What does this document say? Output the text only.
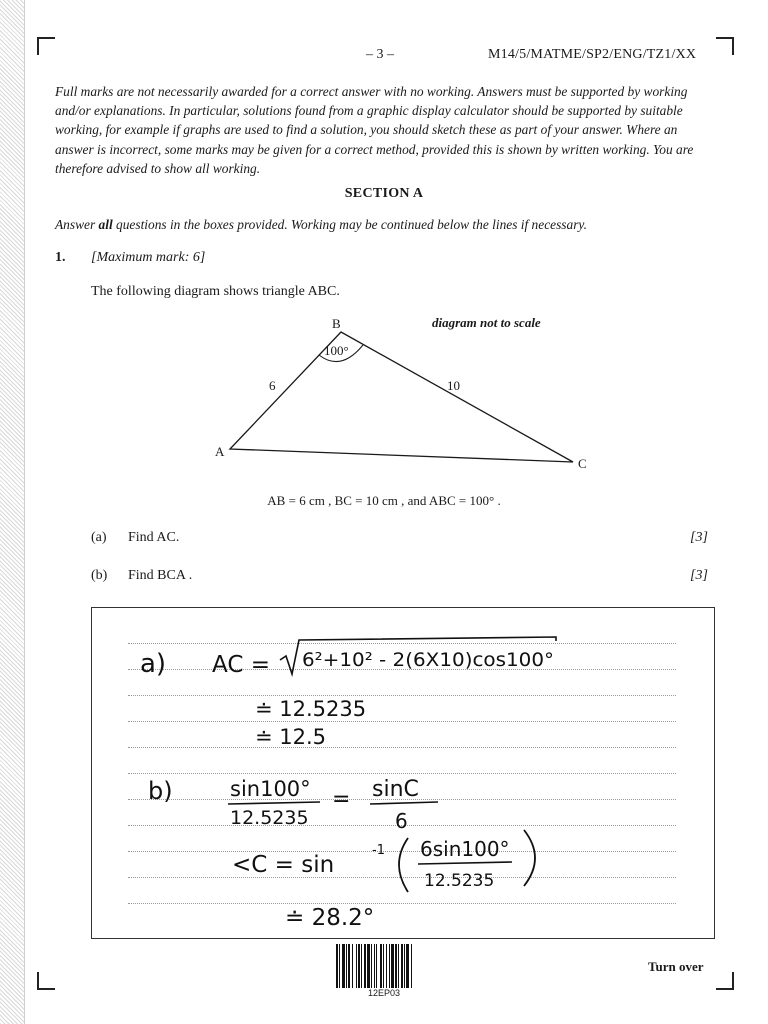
– 3 –	M14/5/MATME/SP2/ENG/TZ1/XX
Full marks are not necessarily awarded for a correct answer with no working. Answers must be supported by working and/or explanations. In particular, solutions found from a graphic display calculator should be supported by suitable working, for example if graphs are used to find a solution, you should sketch these as part of your answer. Where an answer is incorrect, some marks may be given for a correct method, provided this is shown by written working. You are therefore advised to show all working.
SECTION A
Answer all questions in the boxes provided. Working may be continued below the lines if necessary.
1. [Maximum mark: 6]
The following diagram shows triangle ABC.
B
A
C
6	10
100°
diagram not to scale
AB = 6 cm , BC = 10 cm , and ABC = 100° .
(a) Find AC.	[3]
(b) Find BCA .	[3]
a) AC = 6²+10² - 2(6X10)cos100°
≐ 12.5235
≐ 12.5
b)	sin100°
12.5235
= sinC
6
<C = sin
-1 6sin100°
12.5235
≐ 28.2°
12EP03
Turn over
